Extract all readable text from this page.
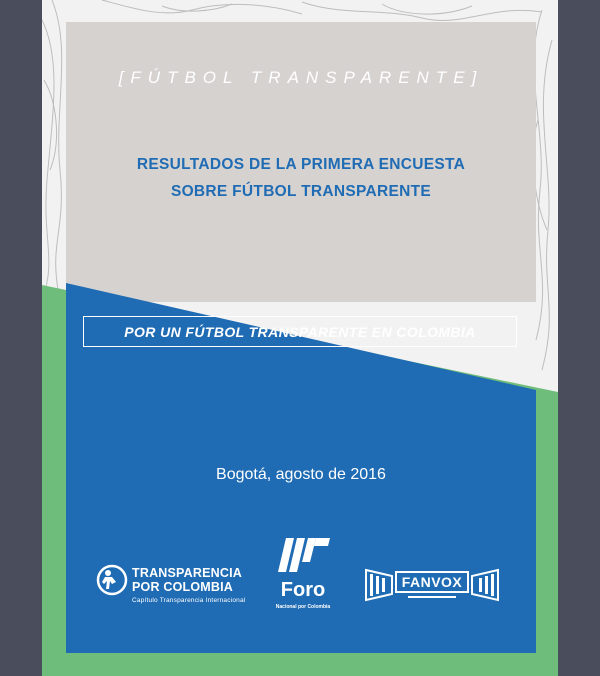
[FÚTBOL TRANSPARENTE]
RESULTADOS DE LA PRIMERA ENCUESTA
SOBRE FÚTBOL TRANSPARENTE
POR UN FÚTBOL TRANSPARENTE EN COLOMBIA
Bogotá, agosto de 2016
TRANSPARENCIA
POR COLOMBIA
Capítulo Transparencia Internacional	Foro
Nacional por Colombia
FANVOX
